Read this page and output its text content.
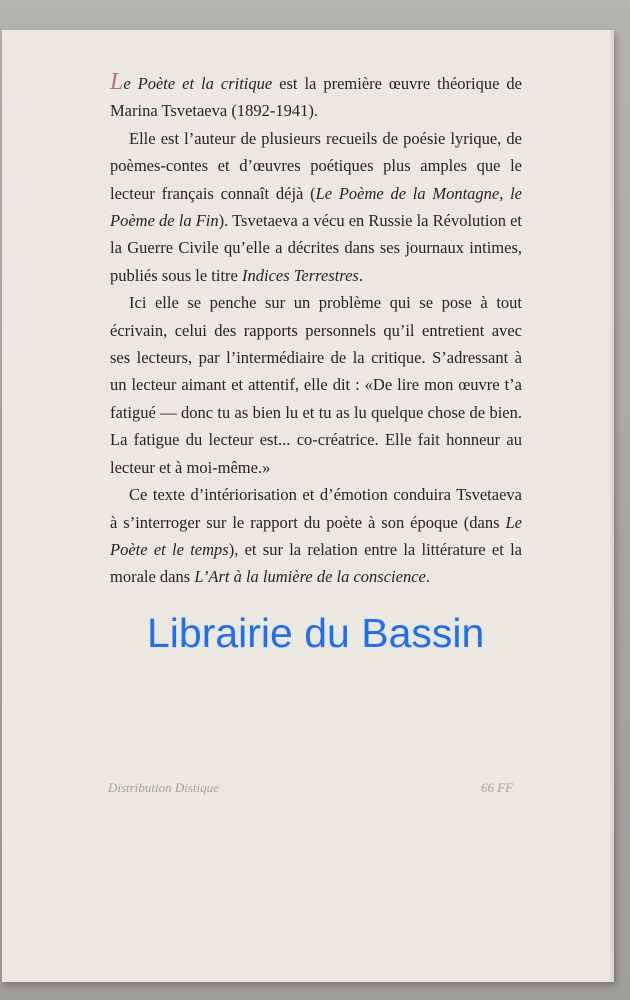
Le Poète et la critique est la première œuvre théorique de Marina Tsvetaeva (1892-1941).

Elle est l’auteur de plusieurs recueils de poésie lyrique, de poèmes-contes et d’œuvres poétiques plus amples que le lecteur français connaît déjà (Le Poème de la Montagne, le Poème de la Fin). Tsvetaeva a vécu en Russie la Révolution et la Guerre Civile qu’elle a décrites dans ses journaux intimes, publiés sous le titre Indices Terrestres.

Ici elle se penche sur un problème qui se pose à tout écrivain, celui des rapports personnels qu’il entretient avec ses lecteurs, par l’intermédiaire de la critique. S’adressant à un lecteur aimant et attentif, elle dit : «De lire mon œuvre t’a fatigué — donc tu as bien lu et tu as lu quelque chose de bien. La fatigue du lecteur est... co-créatrice. Elle fait honneur au lecteur et à moi-même.»

Ce texte d’intériorisation et d’émotion conduira Tsvetaeva à s’interroger sur le rapport du poète à son époque (dans Le Poète et le temps), et sur la relation entre la littérature et la morale dans L’Art à la lumière de la conscience.

Librairie du Bassin
Distribution Distique	66 FF
